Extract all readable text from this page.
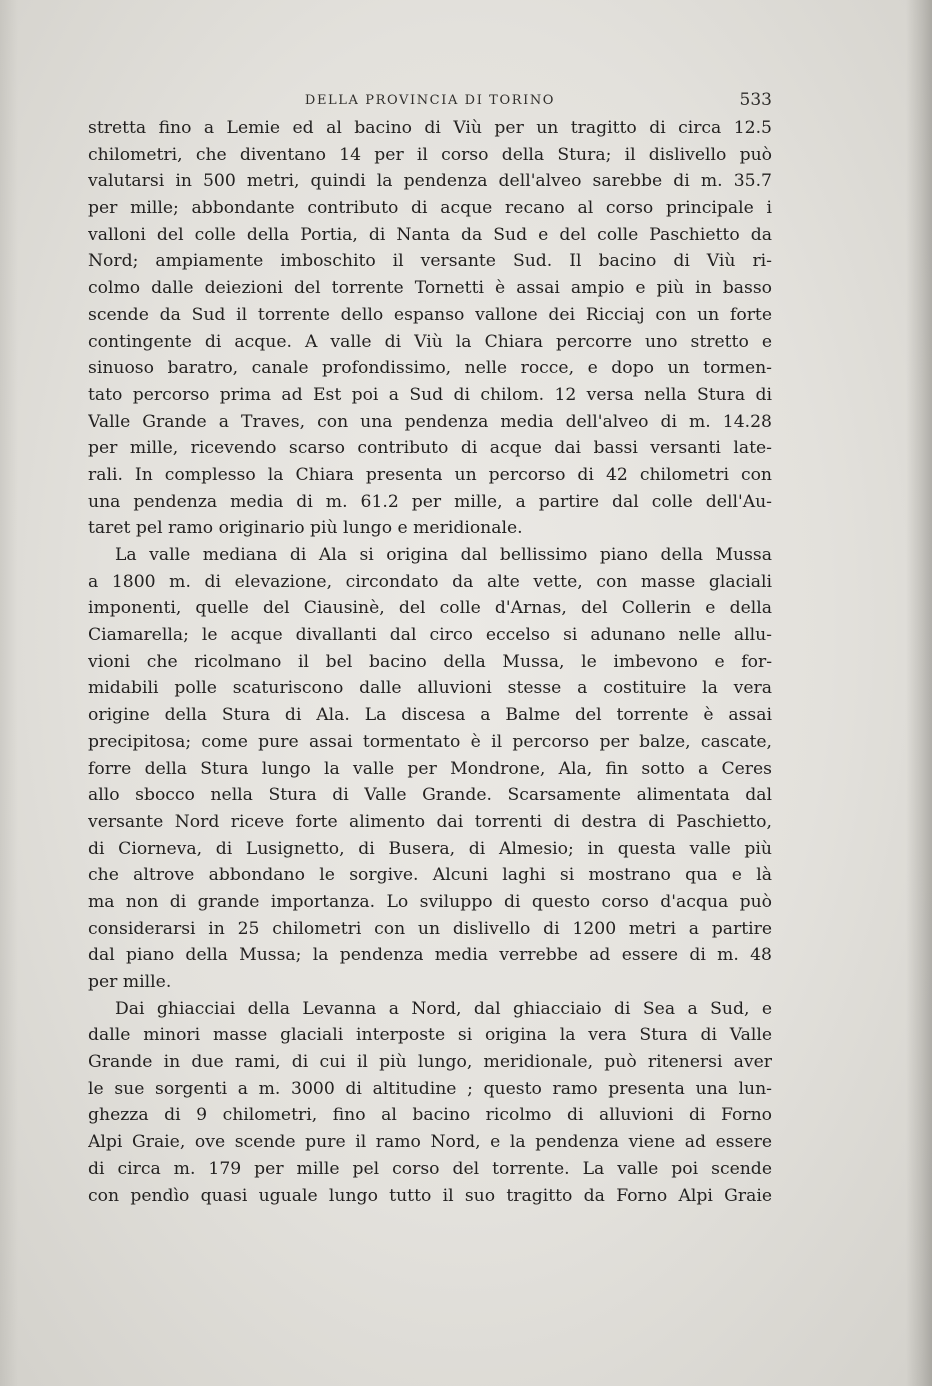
DELLA PROVINCIA DI TORINO	533
stretta fino a Lemie ed al bacino di Viù per un tragitto di circa 12.5
chilometri, che diventano 14 per il corso della Stura; il dislivello può
valutarsi in 500 metri, quindi la pendenza dell'alveo sarebbe di m. 35.7
per mille; abbondante contributo di acque recano al corso principale i
valloni del colle della Portia, di Nanta da Sud e del colle Paschietto da
Nord; ampiamente imboschito il versante Sud. Il bacino di Viù ri-
colmo dalle deiezioni del torrente Tornetti è assai ampio e più in basso
scende da Sud il torrente dello espanso vallone dei Ricciaj con un forte
contingente di acque. A valle di Viù la Chiara percorre uno stretto e
sinuoso baratro, canale profondissimo, nelle rocce, e dopo un tormen-
tato percorso prima ad Est poi a Sud di chilom. 12 versa nella Stura di
Valle Grande a Traves, con una pendenza media dell'alveo di m. 14.28
per mille, ricevendo scarso contributo di acque dai bassi versanti late-
rali. In complesso la Chiara presenta un percorso di 42 chilometri con
una pendenza media di m. 61.2 per mille, a partire dal colle dell'Au-
taret pel ramo originario più lungo e meridionale.
La valle mediana di Ala si origina dal bellissimo piano della Mussa
a 1800 m. di elevazione, circondato da alte vette, con masse glaciali
imponenti, quelle del Ciausinè, del colle d'Arnas, del Collerin e della
Ciamarella; le acque divallanti dal circo eccelso si adunano nelle allu-
vioni che ricolmano il bel bacino della Mussa, le imbevono e for-
midabili polle scaturiscono dalle alluvioni stesse a costituire la vera
origine della Stura di Ala. La discesa a Balme del torrente è assai
precipitosa; come pure assai tormentato è il percorso per balze, cascate,
forre della Stura lungo la valle per Mondrone, Ala, fin sotto a Ceres
allo sbocco nella Stura di Valle Grande. Scarsamente alimentata dal
versante Nord riceve forte alimento dai torrenti di destra di Paschietto,
di Ciorneva, di Lusignetto, di Busera, di Almesio; in questa valle più
che altrove abbondano le sorgive. Alcuni laghi si mostrano qua e là
ma non di grande importanza. Lo sviluppo di questo corso d'acqua può
considerarsi in 25 chilometri con un dislivello di 1200 metri a partire
dal piano della Mussa; la pendenza media verrebbe ad essere di m. 48
per mille.
Dai ghiacciai della Levanna a Nord, dal ghiacciaio di Sea a Sud, e
dalle minori masse glaciali interposte si origina la vera Stura di Valle
Grande in due rami, di cui il più lungo, meridionale, può ritenersi aver
le sue sorgenti a m. 3000 di altitudine ; questo ramo presenta una lun-
ghezza di 9 chilometri, fino al bacino ricolmo di alluvioni di Forno
Alpi Graie, ove scende pure il ramo Nord, e la pendenza viene ad essere
di circa m. 179 per mille pel corso del torrente. La valle poi scende
con pendìo quasi uguale lungo tutto il suo tragitto da Forno Alpi Graie
